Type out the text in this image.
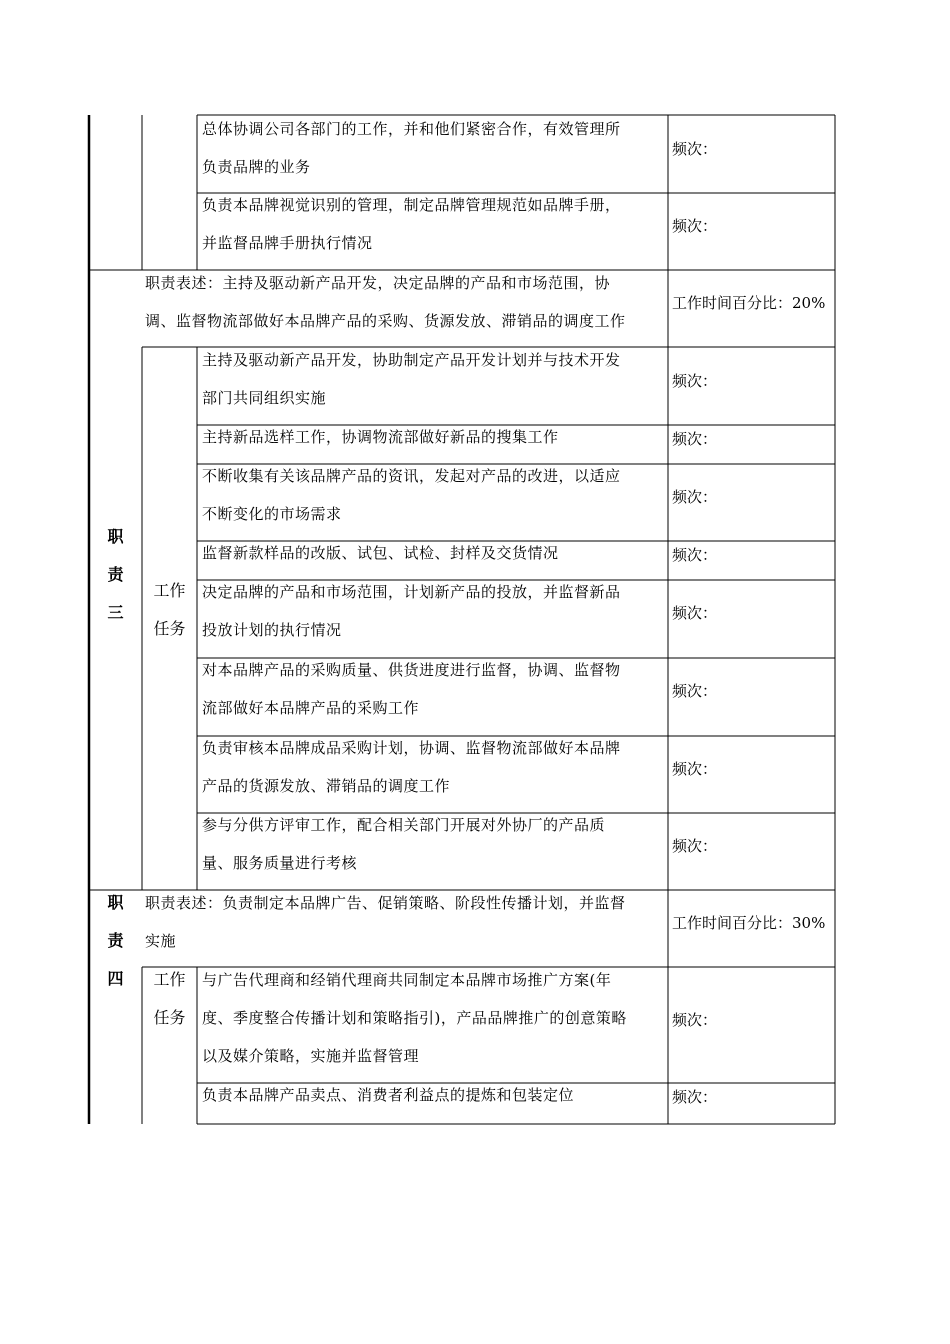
总体协调公司各部门的工作，并和他们紧密合作，有效管理所
负责品牌的业务
频次：
负责本品牌视觉识别的管理，制定品牌管理规范如品牌手册，
并监督品牌手册执行情况
频次：
职
责
三
职责表述：主持及驱动新产品开发，决定品牌的产品和市场范围，协
调、监督物流部做好本品牌产品的采购、货源发放、滞销品的调度工作
工作时间百分比：20%
工作
任务
主持及驱动新产品开发，协助制定产品开发计划并与技术开发
部门共同组织实施
频次：
主持新品选样工作，协调物流部做好新品的搜集工作	频次：
不断收集有关该品牌产品的资讯，发起对产品的改进，以适应
不断变化的市场需求
频次：
监督新款样品的改版、试包、试检、封样及交货情况	频次：
决定品牌的产品和市场范围，计划新产品的投放，并监督新品
投放计划的执行情况
频次：
对本品牌产品的采购质量、供货进度进行监督，协调、监督物
流部做好本品牌产品的采购工作
频次：
负责审核本品牌成品采购计划，协调、监督物流部做好本品牌
产品的货源发放、滞销品的调度工作
频次：
参与分供方评审工作，配合相关部门开展对外协厂的产品质
量、服务质量进行考核
频次：
职
责
四
职责表述：负责制定本品牌广告、促销策略、阶段性传播计划，并监督
实施
工作时间百分比：30%
工作
任务
与广告代理商和经销代理商共同制定本品牌市场推广方案(年
度、季度整合传播计划和策略指引)，产品品牌推广的创意策略
以及媒介策略，实施并监督管理
频次：
负责本品牌产品卖点、消费者利益点的提炼和包装定位	频次：
